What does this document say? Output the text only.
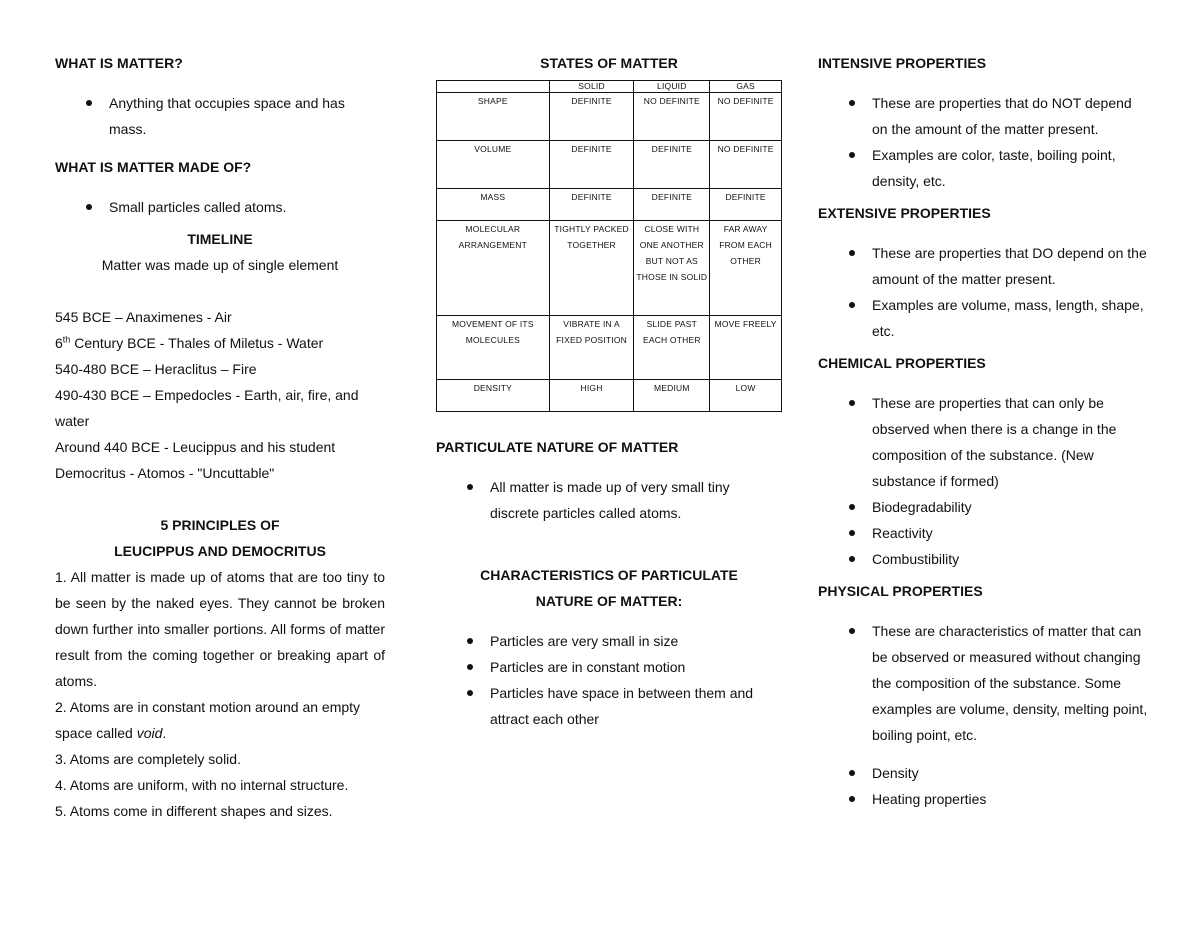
WHAT IS MATTER?

Anything that occupies space and has mass.

WHAT IS MATTER MADE OF?

Small particles called atoms.

TIMELINE

Matter was made up of single element

545 BCE – Anaximenes - Air

6th Century BCE - Thales of Miletus - Water

540-480 BCE – Heraclitus – Fire

490-430 BCE – Empedocles - Earth, air, fire, and water

Around 440 BCE - Leucippus and his student Democritus - Atomos - "Uncuttable"

5 PRINCIPLES OF

LEUCIPPUS AND DEMOCRITUS

1. All matter is made up of atoms that are too tiny to be seen by the naked eyes. They cannot be broken down further into smaller portions. All forms of matter result from the coming together or breaking apart of atoms.

2. Atoms are in constant motion around an empty space called void.

3. Atoms are completely solid.

4. Atoms are uniform, with no internal structure.

5. Atoms come in different shapes and sizes.

STATES OF MATTER

	SOLID	LIQUID	GAS
SHAPE	DEFINITE	NO DEFINITE	NO DEFINITE
VOLUME	DEFINITE	DEFINITE	NO DEFINITE
MASS	DEFINITE	DEFINITE	DEFINITE
MOLECULAR ARRANGEMENT	TIGHTLY PACKED TOGETHER	CLOSE WITH ONE ANOTHER BUT NOT AS THOSE IN SOLID	FAR AWAY FROM EACH OTHER
MOVEMENT OF ITS MOLECULES	VIBRATE IN A FIXED POSITION	SLIDE PAST EACH OTHER	MOVE FREELY
DENSITY	HIGH	MEDIUM	LOW

PARTICULATE NATURE OF MATTER

All matter is made up of very small tiny discrete particles called atoms.

CHARACTERISTICS OF PARTICULATE

NATURE OF MATTER:

Particles are very small in size
Particles are in constant motion
Particles have space in between them and attract each other

INTENSIVE PROPERTIES

These are properties that do NOT depend on the amount of the matter present.
Examples are color, taste, boiling point, density, etc.

EXTENSIVE PROPERTIES

These are properties that DO depend on the amount of the matter present.
Examples are volume, mass, length, shape, etc.

CHEMICAL PROPERTIES

These are properties that can only be observed when there is a change in the composition of the substance. (New substance if formed)
Biodegradability
Reactivity
Combustibility

PHYSICAL PROPERTIES

These are characteristics of matter that can be observed or measured without changing the composition of the substance. Some examples are volume, density, melting point, boiling point, etc.
Density
Heating properties
